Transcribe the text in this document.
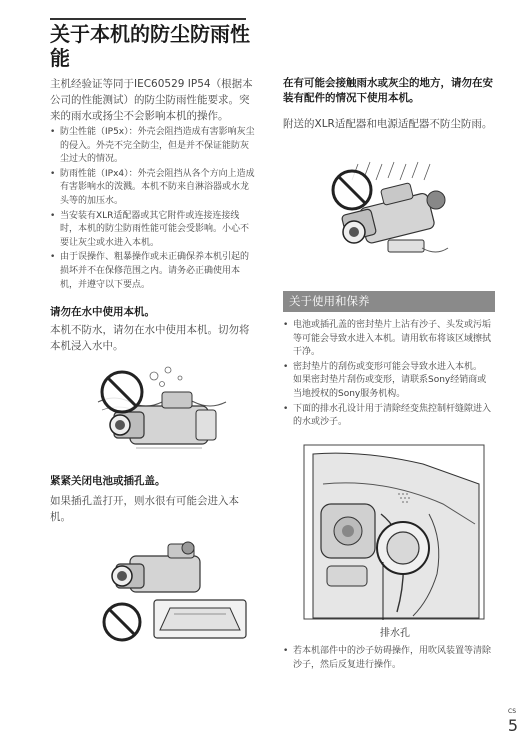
关于本机的防尘防雨性能

主机经验证等同于IEC60529 IP54（根据本公司的性能测试）的防尘防雨性能要求。突来的雨水或扬尘不会影响本机的操作。

• 防尘性能（IP5x）：外壳会阻挡造成有害影响灰尘的侵入。外壳不完全防尘，但是并不保证能防灰尘过大的情况。
• 防雨性能（IPx4）：外壳会阻挡从各个方向上造成有害影响水的泼溅。本机不防来自淋浴器或水龙头等的加压水。
• 当安装有XLR适配器或其它附件或连接连接线时，本机的防尘防雨性能可能会受影响。小心不要让灰尘或水进入本机。
• 由于误操作、粗暴操作或未正确保养本机引起的损坏并不在保修范围之内。请务必正确使用本机，并遵守以下要点。

请勿在水中使用本机。

本机不防水，请勿在水中使用本机。切勿将本机浸入水中。

紧紧关闭电池或插孔盖。

如果插孔盖打开，则水很有可能会进入本机。

在有可能会接触雨水或灰尘的地方，请勿在安装有配件的情况下使用本机。

附送的XLR适配器和电源适配器不防尘防雨。

关于使用和保养
• 电池或插孔盖的密封垫片上沾有沙子、头发或污垢等可能会导致水进入本机。请用软布将该区域擦拭干净。
• 密封垫片的刮伤或变形可能会导致水进入本机。
如果密封垫片刮伤或变形，请联系Sony经销商或当地授权的Sony服务机构。
• 下面的排水孔设计用于清除经变焦控制杆缝隙进入的水或沙子。
排水孔
• 若本机部件中的沙子妨碍操作，用吹风装置等清除沙子，然后反复进行操作。
CS
5
